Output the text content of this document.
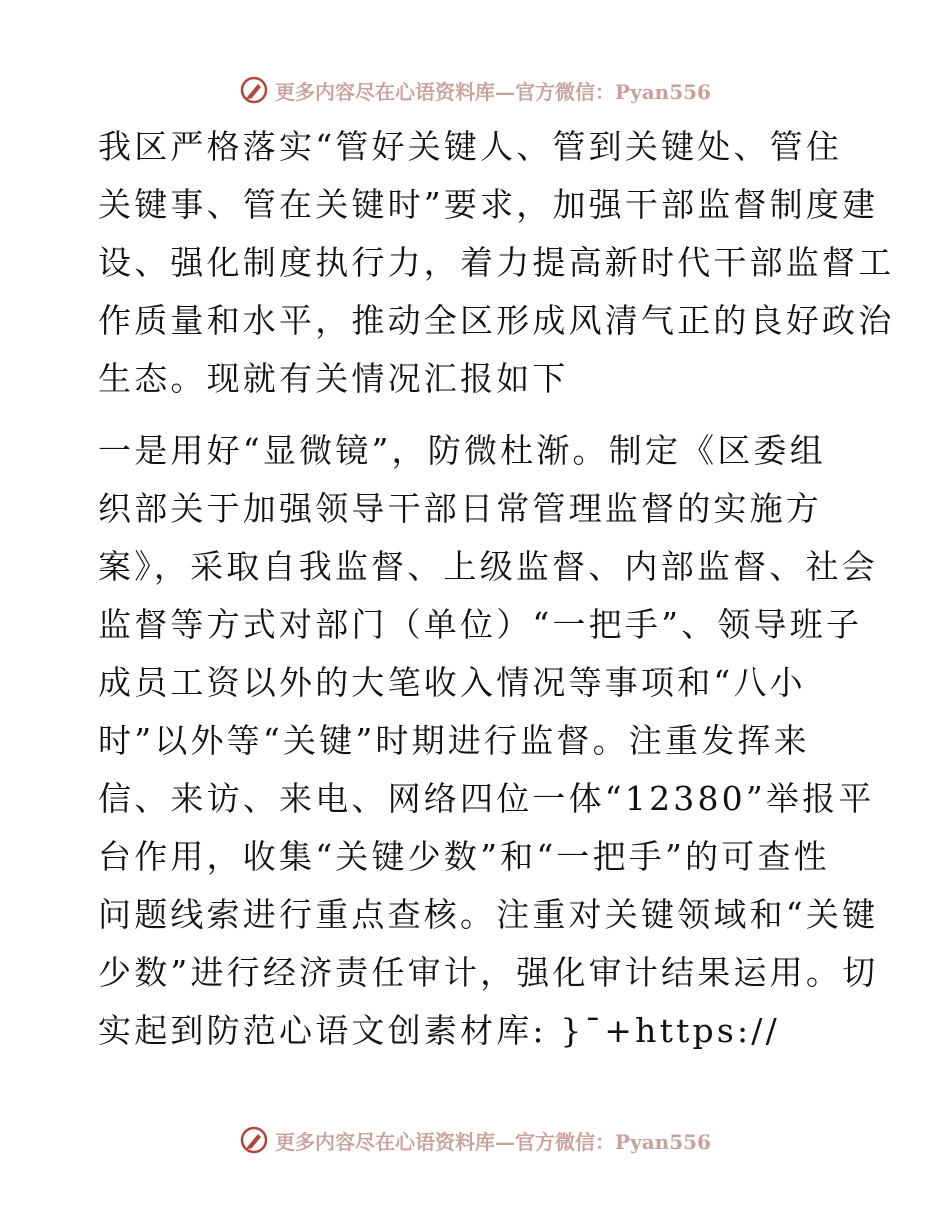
更多内容尽在心语资料库—官方微信：Pyan556
我区严格落实“管好关键人、管到关键处、管住
关键事、管在关键时”要求，加强干部监督制度建
设、强化制度执行力，着力提高新时代干部监督工
作质量和水平，推动全区形成风清气正的良好政治
生态。现就有关情况汇报如下
一是用好“显微镜”，防微杜渐。制定《区委组
织部关于加强领导干部日常管理监督的实施方
案》，采取自我监督、上级监督、内部监督、社会
监督等方式对部门（单位）“一把手”、领导班子
成员工资以外的大笔收入情况等事项和“八小
时”以外等“关键”时期进行监督。注重发挥来
信、来访、来电、网络四位一体“12380”举报平
台作用，收集“关键少数”和“一把手”的可查性
问题线索进行重点查核。注重对关键领域和“关键
少数”进行经济责任审计，强化审计结果运用。切
实起到防范心语文创素材库: }¯+https://
更多内容尽在心语资料库—官方微信：Pyan556
